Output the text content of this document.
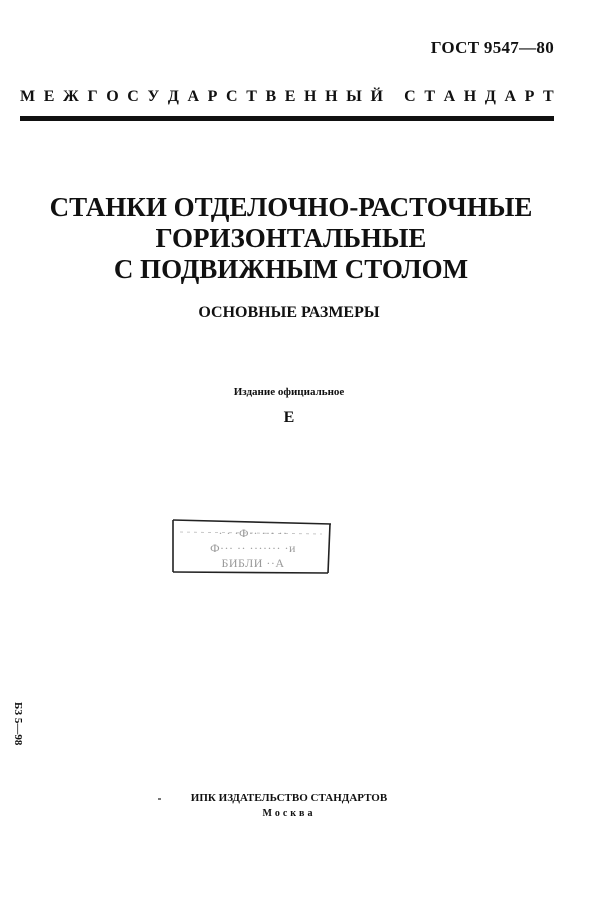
ГОСТ 9547—80
М Е Ж Г О С У Д А Р С Т В Е Н Н Ы Й
С Т А Н Д А Р Т
СТАНКИ ОТДЕЛОЧНО-РАСТОЧНЫЕ
ГОРИЗОНТАЛЬНЫЕ
С ПОДВИЖНЫМ СТОЛОМ
ОСНОВНЫЕ РАЗМЕРЫ
Издание официальное
Е
· · ·Ф·· ··· ··
Ф··· ·· ······· ·и
БИБЛИ ··А
БЗ 5—98
ИПК ИЗДАТЕЛЬСТВО СТАНДАРТОВ
Москва
